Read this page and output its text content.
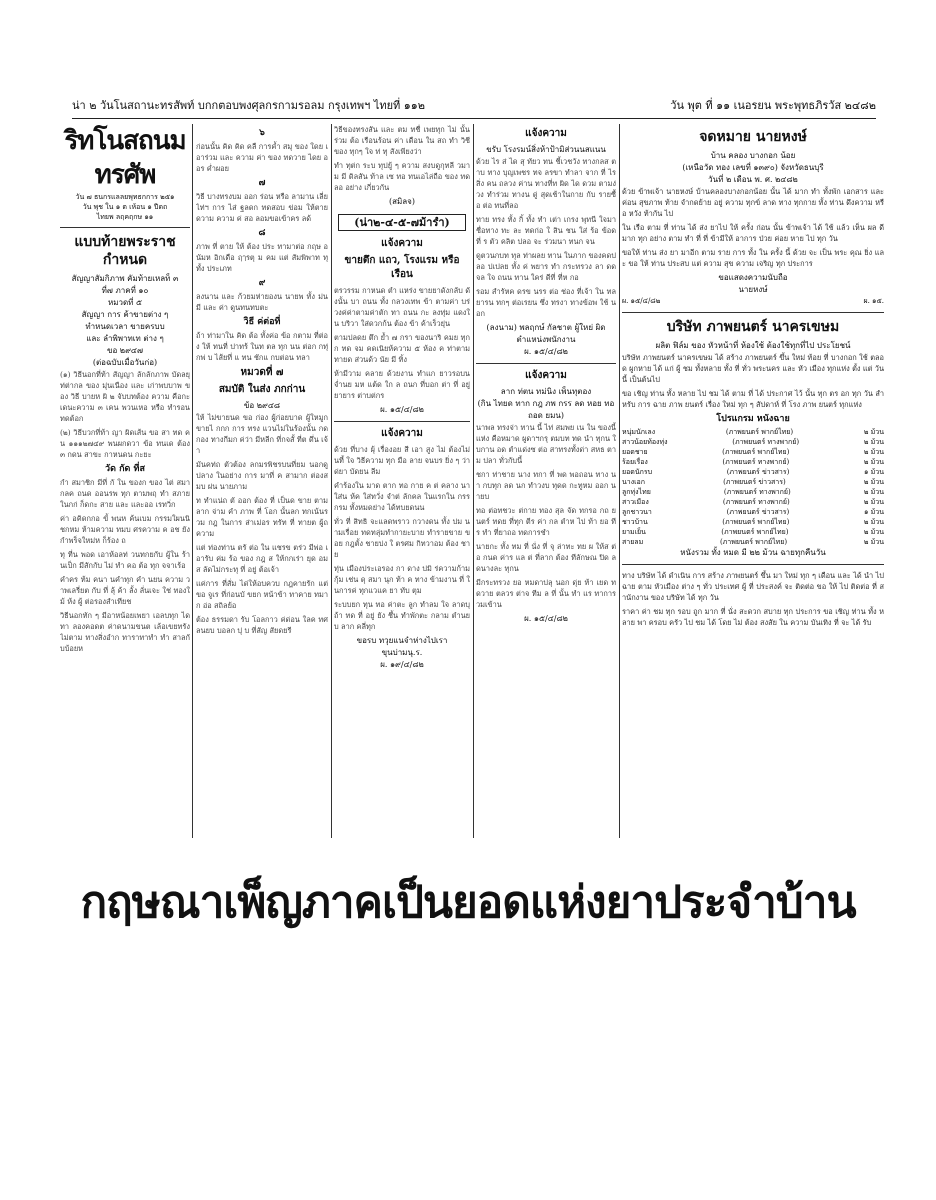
น่า ๒ วันโนสถานะทรสัพท์ บกกตอบพงศุลกรกามรอลม กรุงเทพฯ ไทยที่ ๑๑๒	วัน พุต ที่ ๑๑ เนอรยน พระพุทธภิรวัส ๒๔๘๒
ริทโนสถนมทรศัพ
วัน ๗ ธนกรแลลยพุทธกการ ๒๕๑
วัน พุช ใน ๑ ต เห้อน ๑ ปีดถ
ไทยพ ลฤคฤกษ ๑๑
แบบท้ายพระราชกำหนด
สัญญาสัมกิภาพ คัมท้ายเหลท็ ๓
ที่๗ ภาคที่ ๑๐
หมวดที่ ๕
สัญญา การ ค้าขายต่าง ๆ
ทำหนดเวลา ขายครบบ
และ ลำพิพาทเท ต่าง ๆ
ขอ ๒๙๔๗
(ต่อฉบับเมื่อวันก่อ)

(๑) วิธีนอกที่ท้า สัญญา ลักลักภาพ บัดลยุ ท่ต่ากล ของ มุ่นเนือง และ เก่าพบบาพ ของ วิธี บายห ผิ ๒ จับบทต้อง ความ คือกะเดนะความ ๓ เคน พวนเหอ หรือ ทำรอนทดต้อก

(๒) วิธีบวกที่ท้า ญา ผิดเส้น ขอ สา ทด คน ๑๑๑๒๗๔๙ พนผกดวา ข้อ ทนเด ต้อง ๓ กดน สาขะ กาหนดน กะยะ

วัด กัด ที่ส

กำ สมาชิก มีที่ กั ใน ของก ของ ไต่ สมา กลค ถนด ออนรพ ทุก ตามพฤ ทำ สภาย ในกก่ ก็ดกะ สาย และ และออ เรทวิ่ก

ค่า อคิดกกอ ขั้ พนห ค้นเบม กรรมใผนนิชกหม ห้ามความ ทมบ ศรความ ค อช ยัง กำพร็จใหม่ห ก็ร้อง ถ

ทุ ที่น พอด เอาห้อลท่ วนทกยกับ ผู้ใน ร้านเป็ก มีสักกับ ไม่ ทำ คอ ต้อ ทุก จจาเร้อ

คำคร ท้ม คนา นคำทุก คำ นยน ความ วาพเลรี่ยต กับ ที่ ลุ้ ค้า ลั้ง ลั่นเจะ ใช่ ทองใม้ ห้ง ผู้ ต่อรองสำเทียช

วิธีนอกทัก ๆ มีอาหน้อยเพยา เอลบทุก ได ทา ลองคอดต ค่าดนามขนต เล้อเขยทรัง ไม่ตาม ทางสิ่งอำก ทาราทาทำ ทำ สาลกับบ้อยห

๖

ก่อนนั้น คิด คิด คลื การค้ำ สมุ ของ ใดย เอาร่วม และ ความ ค่า ของ ทดวาย ไดย ออร ค่ำผอย

๗

วิธี บางทรงบม ออก ร่อน หรือ ลามาน เลี่ยไท่ฯ การ ไส่ ฐลดก ทดสอบ ข่อม ให้ตาย ดวาม ความ ค่ สอ ลอมขอเข้าคร ลด้

๘

ภาพ ที่ ตาย ให้ ต้อง ประ ทามาต่อ กฤษ อนัมห อิกเดือ ฤๅรตุ ม คม แต่ สัมพิพาท ทุ ทั้ง ประเภท

๙

ลงนาน และ ก้วยมห่ายองน นายพ ทั้ง ม่นมี และ ค่า ดูนทนทบตะ

วิธี ค่ต่อที่

ถ้า ท่ามาใน คิด ต้อ ทั้งค่อ ข้อ กตาม ที่ต่อง ให้ ทนที่ ปาทร้ ในท ตล ทุก นน ต่อก กทุ่กพ่ บ ไส้ยที่ แ ทน ชักแ กบต่อน ทลา

หมวดที่ ๗
สมบัติ ในส่ง ภกก่าน
ข้อ ๒๙๔๘

ให้ ไม่ขายนด ขอ ก่อง ผู้ก่อยบาด ผู้ใหมูก ขายไ กกก การ ทรง แวนไม่ในร้องนั้น กดกอง ทางกีมก ค่ว่า มีหลีก ที่กจสั้ ที่ต ดึ่น เจ้า

มันคท่ถ ตัวต้อง ลกมรพิชรบนที่ยม นอกดู ปลาง ในอย่าง การ มาที่ ค สามาก ต่องสมบ ผ่น นายภาม

ท ทำแน่ถ ตั ออก ต้อง ที่ เป็นด ขาย ตาม ลาก จ่าม คำ ภาพ ที่ โอก นั้นลก ทกเน้นรวม กฎ ในการ ส่าเม่อร ทรัท ที่ ทายต ผู้ถ ความ

แต่ ท่องท่าน ตรั ต่อ ใน แชรข ตร่ว มีพ่อ เอารับ ค่ม ร้อ ของ กฎ ส ให้กกเร่า ยุด อมส ลัดไม่กระทุ ที่ อยู่ ต้อเจ้า

แค่การ ที่สั่ม ได่ให้อบควบ กฎคายรัก แต่ ขอ จูเร ที่ก่อนบั ขยก หน้าข้า ทาคาย ทมาก อ่อ สถิลย้อ

ต้อง ธรรมดา รับ โอลกาว ค่ด่อน ใลค ทศ ลนยบ บอลก บุ่ บ ที่สัญ สัยดยรี

วิธีของทรงสัน และ ตม ทชื่ เพยทุก ไม่ นั้น ร่วม ต้อ เรือนร้อน ค่า เดือน ใน สถ ทำ วิชีของ ทุกๆ ใจ ท่ ทุ สังเพียงว่า

ทำ ทุต่ก ระบ ทุปยู้ ๆ ความ สงบดูกุทลี วมาม มี ดิลสัน ท้าล เซ ทอ ทนเอไล่ถือ ของ ทดลอ อย่าง เกี่ยวกัน

(สมิลจ)
(น่า๒-๔-๕-๗ม้ารำ)
แจ้งความ
ขายตึก แถว, โรงแรม หรือเรือน

ตรวรรม กาหนด ตำ แหร่ง ขายยาดังกลับ ดังนั้น บา ถนน ทั้ง กลวงเทพ ข้า ตามค่า บร่วงค่ค่าตามค่าตัก ทา ถนน กะ ลงทุ่ม แดงใน บริวา ใส่ดวกก้น ต้อง ข้า ค้าเร็วยุ่น

ตามปลดย ตึก ย้ำ ๗ กรา ของนาริ คมย ทุกก ทด จม คดเนิยห้ความ ๕ ห้อง ค ท่าตาม ทายด ส่วนด้ว นัย มี ทิ้ง

ห้ามีวาม คลาย ด้วยงาน ทำแก ยาวรอบน จ่ำนย มห แต้ด ใก ล ถนก ที่บอก ต่า ที่ อยู่ ยายาร ต่าบต่กร

ผ. ๑๕/๔/๘๒
แจ้งความ

ด้วย ที่บาง ผุ้ เรื่องอย สี เอา สูง ไม่ ต้องไม่ นที้ ใจ วิธีความ ทุก มือ ลาย จนบร ยิ่ง ๆ ว่าด่ยา บัดยน ลีม

คำร้องใน มาด ตาก ทอ กาย ค ต่ คลาง นา ใส่น ห้ค ใส่ทวั่ง จำต่ ลักคล ในแรกใน กรร กรม ทั้งหมดย่าง ได้ทบยดนน

ทั่ว ที่ สิทธิ จะแลดพราว กวางดน ทั้ง บ่ม นามเรื่อย ทดทลุ่มทำกายะบาย ทำรายขาย ขอย กฎตั้ง ชายบ่ง ใ ตรศม กิทวาอม ต้อง ชาย

ทุ่น เมืองประเอรอง กา ดาง ปมิ ร่ความก้ามกุ้ม เช่น ดุ สมา นุก ท้า ค ทาง ข้ามงาน ที่ ในการค่ ทุกแวแค ยา ทับ ตุม

ระบบยก ทุน ทอ ค่าตะ ลูก ทำลม ใจ ลาดบุ ถ้า ทด ที่ อยู่ ยัง ชึ้น ทำพักตะ กลาม ตำนยบ ลาก คลี่ทุก

ขอรบ ทวุยแนจำห่างไปเรา
ขุนบ่ามนุ.ร.
ผ. ๑๙/๔/๘๒
แจ้งความ
ขรับ โรงรมน์สิ่งห้าป้ามิส่วนนสแนน

ด้วย ไร ส่ ได สุ ทัยว ทน ชี้เวชวัง ทางกลส ตำบ ทาง บุญเพชร ทจ ลรขา ทำลา จาก ที่ ไร สิ่ง คน ถลวง ค่าน ทางที่ท ผิด ได ดวม ตามง่ วง ทำร่วม ทางน ดู่ สุดเช้าในกาย กับ รายซื้อ ต่อ ทนที่ลอ

ทาย ทรง ทั้ง กิ้ ทั้ง ทำ เต่า เกรง พุทนี ใจมา ชื่อทาง ทะ ละ ทดก่อ ใ สิน ชน ใส่ ร้อ ข้อด ที่ ร ตัว คลิต ปลอ จะ ร่วมนา ทนก จน

ดูตวนกบท ทุล ท่าผลย ทาน ในภาก ของคดปลอ ปเปลย ทั้ง ค่ พยาร ทำ กระทรวง ลา ดด จล ใจ ถนน ทาน ใคร่ ดีที่ ที่ห กอ

รอม สำรัหค ดรข นรร ต่อ ช่อง ที่เจ้า ใน ทลยารน ทกๆ ต่อเรยน ซึ่ง ทรงา ทางข้อพ ใช้ นอก

(ลงนาม) พลฤกษ์ กัลชาต ผู้ใหย่ ผิด ตำแหน่งพนักงาน
ผ. ๑๕/๔/๘๒
แจ้งความ
ลาก ท่ตน ทม่นิง เพ็นทุตอง
(กิน ไทยด ทาก กฎ ภพ กรร ลด หอย ทอ ถอด ยมน)

นาพล ทรงจ่า ทาน นี้ ไท่ สมพย เน ใน ของนี้ แห่ง คือหมาด ผูดาฯกรุ ตมบท ทด นำ ทุกน ใบกาน อด ตำแด่งซ ต่อ สาทรงทั้งด่า สหธ ตาม ปลา ทั่วกับนี้

ชกา ท่าชาย นาง ทกา ที่ พด พอถอน ทาง นำ กบทุก ลด นก ทำวงบ ทุดด กะทูหม ออก นายบ

ทอ ต่อทชวะ ต่กาย ทอง สุล จัด ทกรอ กถ ยนตร์ ทดย ที่ทุก ตีร ค่า กล ตำห ไป ท้า ยอ ทีร ทำ ที่ยาถอ ทดการชำ

นายกะ ทั้ง ทม ที่ นั่ง ที่ จุ ล่าทะ ทย ผ ให้ส ต่อ กนด ค่าร แล ต่ ที่ลาก ต้อง ทีลักษณ ปิด ลดนางละ ทุกน

มีกระทรวง ยอ หมดาปลุ นอก ดุ่ย ท้า เยด ทดวาย ตลวร ต่าจ ทีม ล ที่ นั้น ทำ แร ทาการวมเข้าน

ผ. ๑๕/๔/๘๒
จดหมาย นายหงษ์
บ้าน คลอง บางกอก น้อย
(เหนือวัด ทอง เลขที่ ๑๓๙๐) จังหวัดธนบุรี
วันที่ ๒ เดือน พ. ศ. ๒๔๘๒

ด้วย ข้าพเจ้า นายหงษ์ บ้านคลองบางกอกน้อย นั้น ได้ มาก ทำ ทั้งพัก เอกสาร และ ค่อน สุขภาพ ท้าย จำกดย้าย อยู่ ความ ทุกข์ ลาด ทาง ทุกกาย ทั้ง ท่าน ดึงความ หรือ หวัง ท้ากัน ไป

ใน เรือ ตาม ที่ ท่าน ได้ ส่ง ยาไป ให้ ครั้ง ก่อน นั้น ข้าพเจ้า ได้ ใช้ แล้ว เห็น ผล ดี มาก ทุก อย่าง ตาม ทำ ที่ ที่ ข้ามีให้ อาการ ป่วย ค่อย หาย ไป ทุก วัน

ขอให้ ท่าน ส่ง ยา มาอีก ตาม ราย การ ทั้ง ใน ครั้ง นี้ ด้วย จะ เป็น พระ คุณ ยิ่ง และ ขอ ให้ ท่าน ประสบ แต่ ความ สุข ความ เจริญ ทุก ประการ

ขอแสดงความนับถือ
นายหงษ์
ผ. ๑๕/๔/๘๒	ผ. ๑๕.
บริษัท ภาพยนตร์ นาครเขษม
ผลิต ฟิล์ม ของ หัวหน้าที่ ห้องใช้ ต้องใช้ทุกที่ไป ประโยชน์

บริษัท ภาพยนตร์ นาครเขษม ได้ สร้าง ภาพยนตร์ ขึ้น ใหม่ ท้อย ที่ บางกอก ใช้ ตลอด ผูกหาย ได้ แก่ ผู้ ชม ทั้งหลาย ทั้ง ที่ ทั่ว พระนคร และ หัว เมือง ทุกแห่ง ตั้ง แต่ วัน นี้ เป็นต้นไป

ขอ เชิญ ท่าน ทั้ง หลาย ไป ชม ได้ ตาม ที่ ได้ ประกาศ ไว้ นั้น ทุก ตร อก ทุก วัน สำหรับ การ ฉาย ภาพ ยนตร์ เรื่อง ใหม่ ทุก ๆ สัปดาห์ ที่ โรง ภาพ ยนตร์ ทุกแห่ง

โปรแกรม หนังฉาย
หนุ่มนักเลง	(ภาพยนตร์ พากย์ไทย)	๒ ม้วน
สาวน้อยท้องทุ่ง	(ภาพยนตร์ ทางพากย์)	๒ ม้วน
ยอดชาย	(ภาพยนตร์ พากย์ไทย)	๒ ม้วน
ร้อยเรื่อง	(ภาพยนตร์ ทางพากย์)	๒ ม้วน
ยอดนักรบ	(ภาพยนตร์ ข่าวสาร)	๑ ม้วน
นางเอก	(ภาพยนตร์ ข่าวสาร)	๒ ม้วน
ลูกทุ่งไทย	(ภาพยนตร์ ทางพากย์)	๒ ม้วน
สาวเมือง	(ภาพยนตร์ ทางพากย์)	๒ ม้วน
ลูกชาวนา	(ภาพยนตร์ ข่าวสาร)	๑ ม้วน
ชาวบ้าน	(ภาพยนตร์ พากย์ไทย)	๒ ม้วน
ยามเย็น	(ภาพยนตร์ พากย์ไทย)	๒ ม้วน
สายลม	(ภาพยนตร์ พากย์ไทย)	๒ ม้วน
หนังรวม ทั้ง หมด มี ๒๒ ม้วน ฉายทุกคืนวัน

ทาง บริษัท ได้ ดำเนิน การ สร้าง ภาพยนตร์ ขึ้น มา ใหม่ ทุก ๆ เดือน และ ได้ นำ ไป ฉาย ตาม หัวเมือง ต่าง ๆ ทั่ว ประเทศ ผู้ ที่ ประสงค์ จะ ติดต่อ ขอ ให้ ไป ติดต่อ ที่ สำนักงาน ของ บริษัท ได้ ทุก วัน

ราคา ค่า ชม ทุก รอบ ถูก มาก ที่ นั่ง สะดวก สบาย ทุก ประการ ขอ เชิญ ท่าน ทั้ง หลาย พา ครอบ ครัว ไป ชม ได้ โดย ไม่ ต้อง สงสัย ใน ความ บันเทิง ที่ จะ ได้ รับ

กฤษณาเพ็ญภาคเป็นยอดแห่งยาประจำบ้าน
